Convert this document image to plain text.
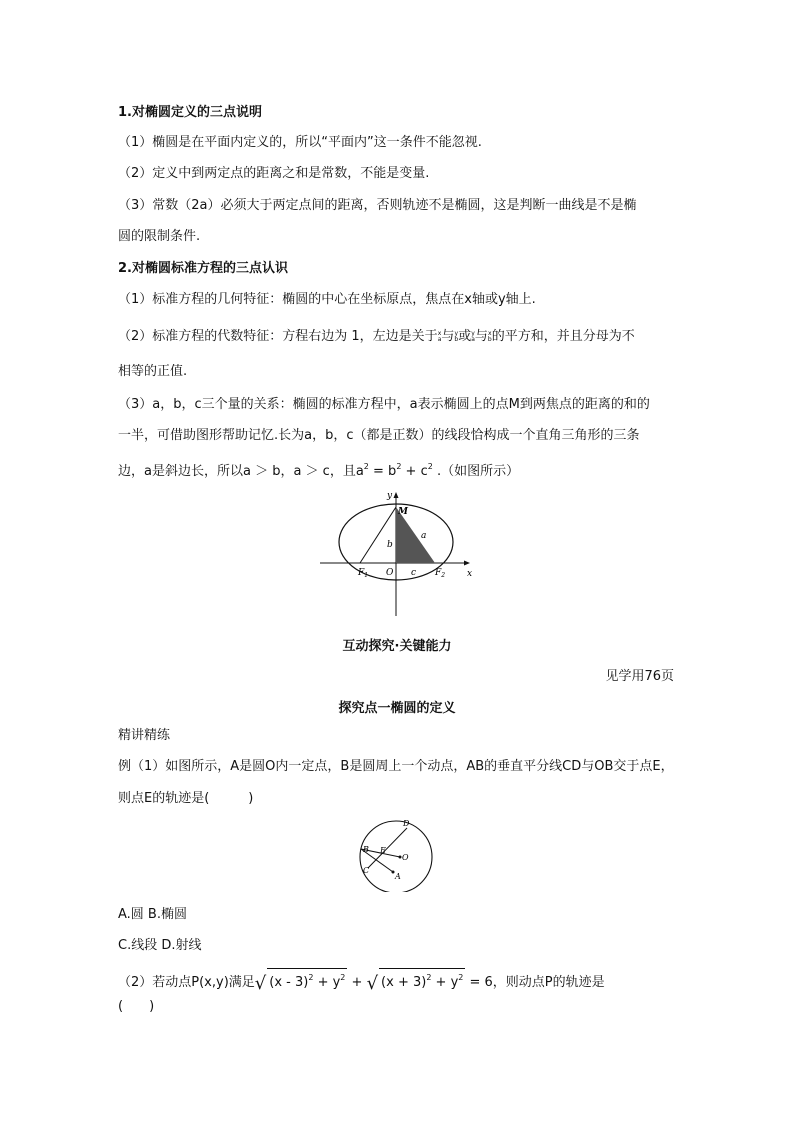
1.对椭圆定义的三点说明
（1）椭圆是在平面内定义的，所以“平面内”这一条件不能忽视.
（2）定义中到两定点的距离之和是常数，不能是变量.
（3）常数（2a）必须大于两定点间的距离，否则轨迹不是椭圆，这是判断一曲线是不是椭
圆的限制条件.
2.对椭圆标准方程的三点认识
（1）标准方程的几何特征：椭圆的中心在坐标原点，焦点在x轴或y轴上.
（2）标准方程的代数特征：方程右边为 1，左边是关于x
a与y
b或y
a与x
b的平方和，并且分母为不
相等的正值.
（3）a，b，c三个量的关系：椭圆的标准方程中，a表示椭圆上的点M到两焦点的距离的和的
一半，可借助图形帮助记忆.长为a，b，c（都是正数）的线段恰构成一个直角三角形的三条
边，a是斜边长，所以a ＞ b，a ＞ c，且$a^2 = b^2 + c^2$ .（如图所示）
y
x
M
a
b
c
O
$F_1$	$F_2$
互动探究·关键能力
见学用76页
探究点一椭圆的定义
精讲精练
例（1）如图所示，A是圆O内一定点，B是圆周上一个动点，AB的垂直平分线CD与OB交于点E，
则点E的轨迹是(　　　)
D
B E
O
C
A
A.圆 B.椭圆
C.线段 D.射线
（2）若动点P(x,y)满足√ $(x - 3)^2 + y^2$ + √ $(x + 3)^2 + y^2 = 6$，则动点P的轨迹是
(　　)
